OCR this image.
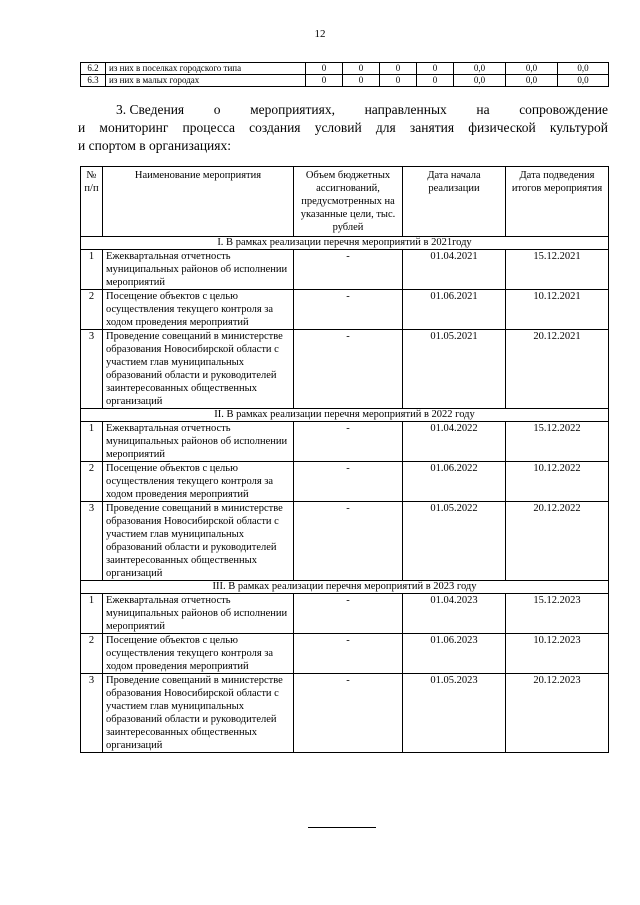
12
6.2	из них в поселках городского типа	0	0	0	0	0,0	0,0	0,0
6.3	из них в малых городах	0	0	0	0	0,0	0,0	0,0
3. Сведения о мероприятиях, направленных на сопровождение
и мониторинг процесса создания условий для занятия физической культурой
и спортом в организациях:
№ п/п	Наименование мероприятия	Объем бюджетных ассигнований, предусмотренных на указанные цели, тыс. рублей	Дата начала реализации	Дата подведения итогов мероприятия
I. В рамках реализации перечня мероприятий в 2021году				
1	Ежеквартальная отчетность муниципальных районов об исполнении мероприятий	-	01.04.2021	15.12.2021
2	Посещение объектов с целью осуществления текущего контроля за ходом проведения мероприятий	-	01.06.2021	10.12.2021
3	Проведение совещаний в министерстве образования Новосибирской области с участием глав муниципальных образований области и руководителей заинтересованных общественных организаций	-	01.05.2021	20.12.2021
II. В рамках реализации перечня мероприятий в 2022 году				
1	Ежеквартальная отчетность муниципальных районов об исполнении мероприятий	-	01.04.2022	15.12.2022
2	Посещение объектов с целью осуществления текущего контроля за ходом проведения мероприятий	-	01.06.2022	10.12.2022
3	Проведение совещаний в министерстве образования Новосибирской области с участием глав муниципальных образований области и руководителей заинтересованных общественных организаций	-	01.05.2022	20.12.2022
III. В рамках реализации перечня мероприятий в 2023 году				
1	Ежеквартальная отчетность муниципальных районов об исполнении мероприятий	-	01.04.2023	15.12.2023
2	Посещение объектов с целью осуществления текущего контроля за ходом проведения мероприятий	-	01.06.2023	10.12.2023
3	Проведение совещаний в министерстве образования Новосибирской области с участием глав муниципальных образований области и руководителей заинтересованных общественных организаций	-	01.05.2023	20.12.2023
